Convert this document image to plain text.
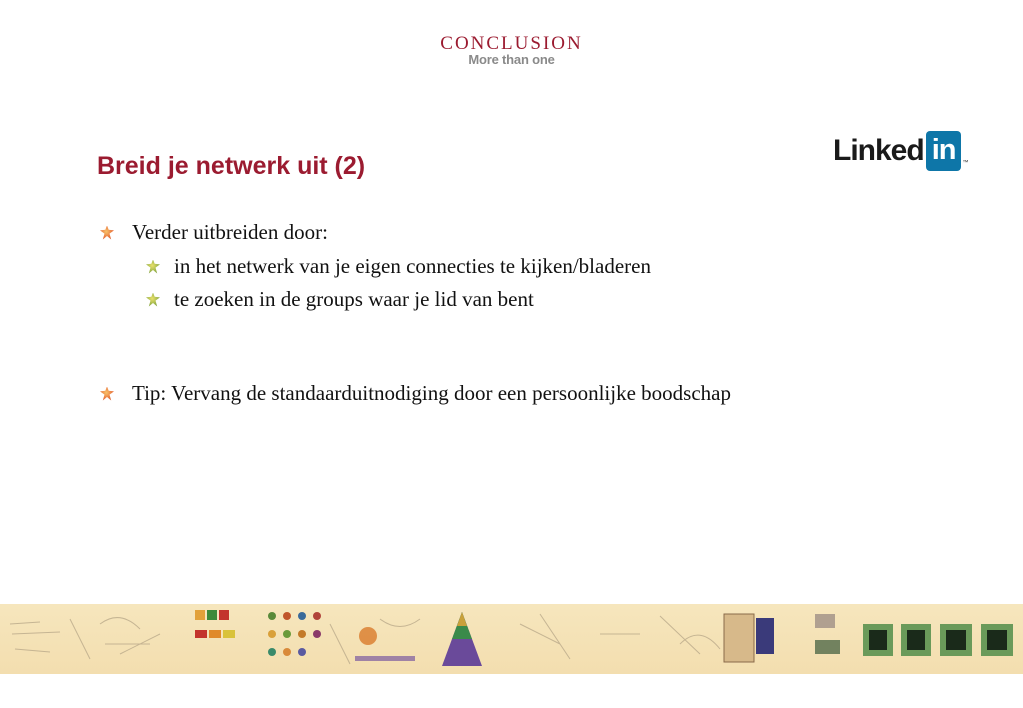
CONCLUSION
More than one
Breid je netwerk uit (2)	Linked in	™
Verder uitbreiden door:
in het netwerk van je eigen connecties te kijken/bladeren
te zoeken in de groups waar je lid van bent
Tip: Vervang de standaarduitnodiging door een persoonlijke boodschap
